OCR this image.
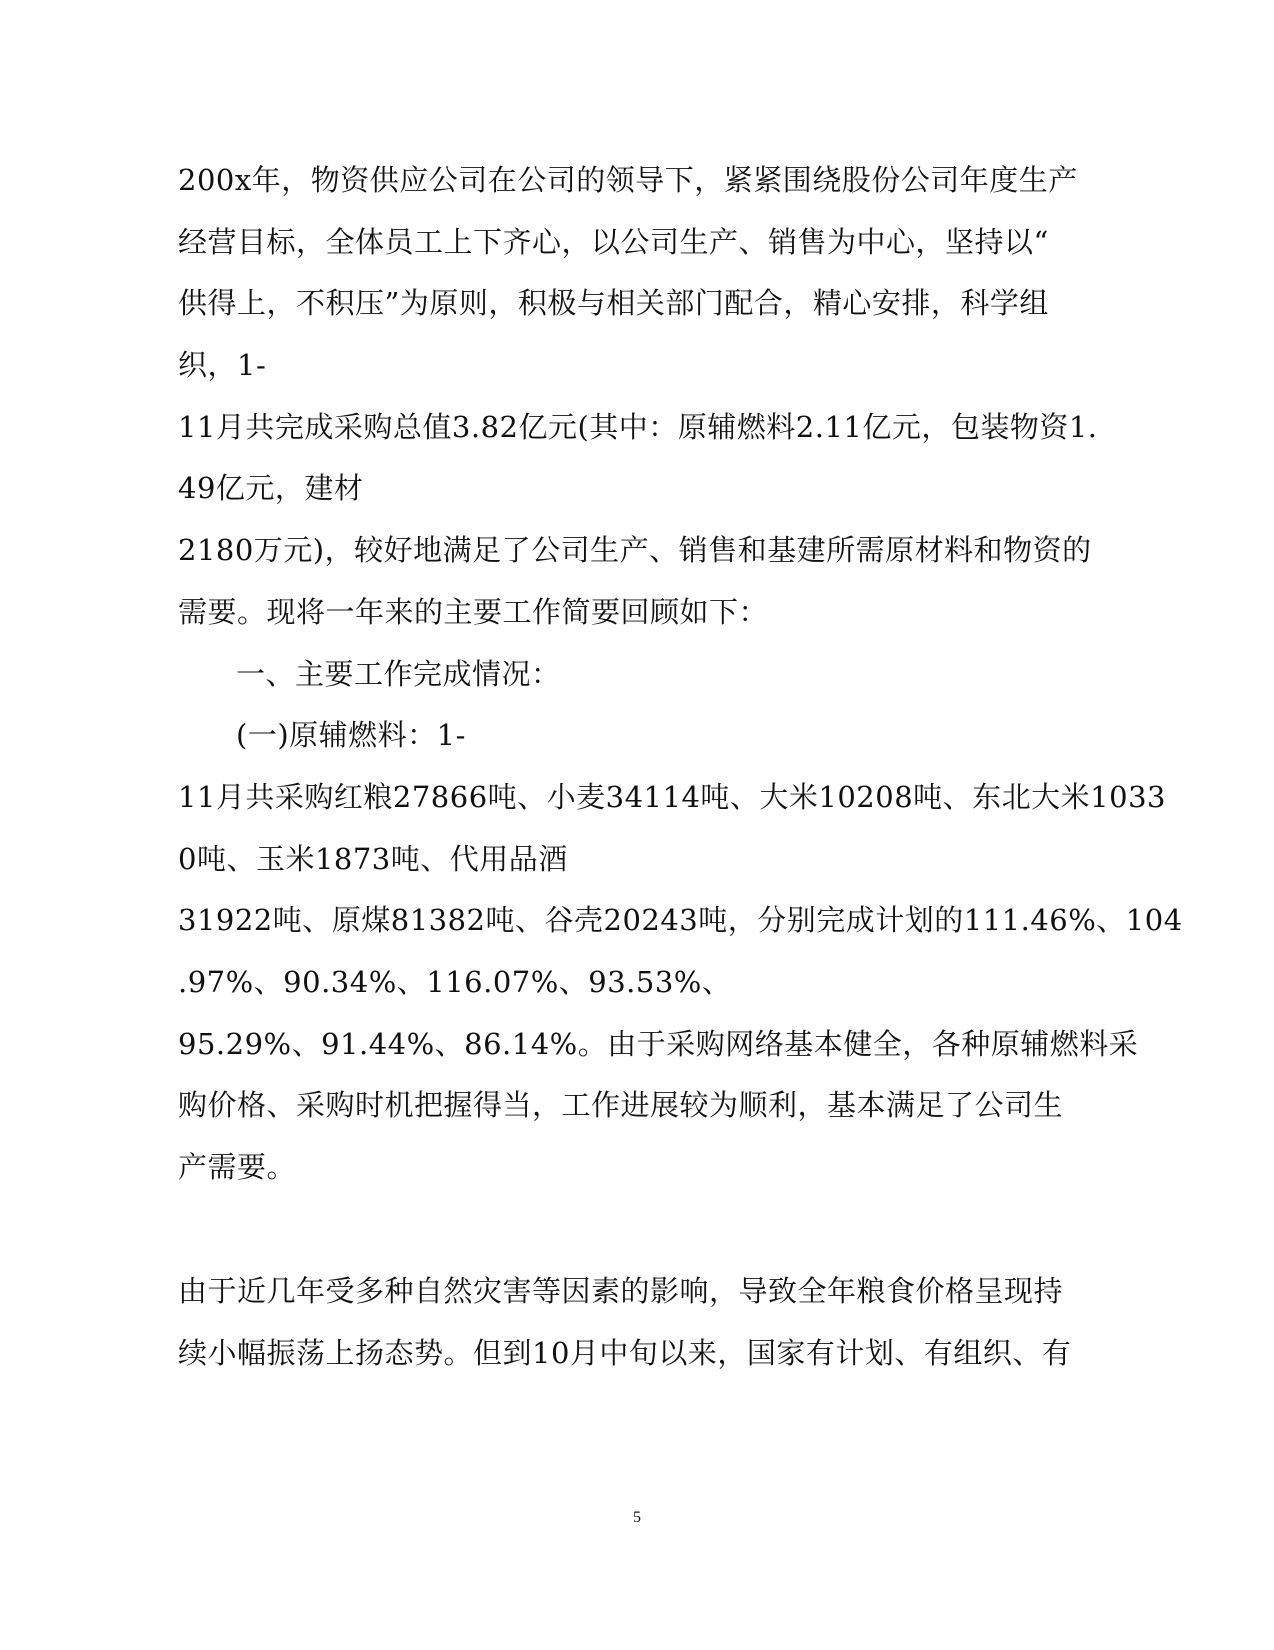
200x年，物资供应公司在公司的领导下，紧紧围绕股份公司年度生产
经营目标，全体员工上下齐心，以公司生产、销售为中心，坚持以“
供得上，不积压”为原则，积极与相关部门配合，精心安排，科学组
织，1-
11月共完成采购总值3.82亿元(其中：原辅燃料2.11亿元，包装物资1.
49亿元，建材
2180万元)，较好地满足了公司生产、销售和基建所需原材料和物资的
需要。现将一年来的主要工作简要回顾如下：
一、主要工作完成情况：
(一)原辅燃料：1-
11月共采购红粮27866吨、小麦34114吨、大米10208吨、东北大米1033
0吨、玉米1873吨、代用品酒
31922吨、原煤81382吨、谷壳20243吨，分别完成计划的111.46%、104
.97%、90.34%、116.07%、93.53%、
95.29%、91.44%、86.14%。由于采购网络基本健全，各种原辅燃料采
购价格、采购时机把握得当，工作进展较为顺利，基本满足了公司生
产需要。
由于近几年受多种自然灾害等因素的影响，导致全年粮食价格呈现持
续小幅振荡上扬态势。但到10月中旬以来，国家有计划、有组织、有
5
